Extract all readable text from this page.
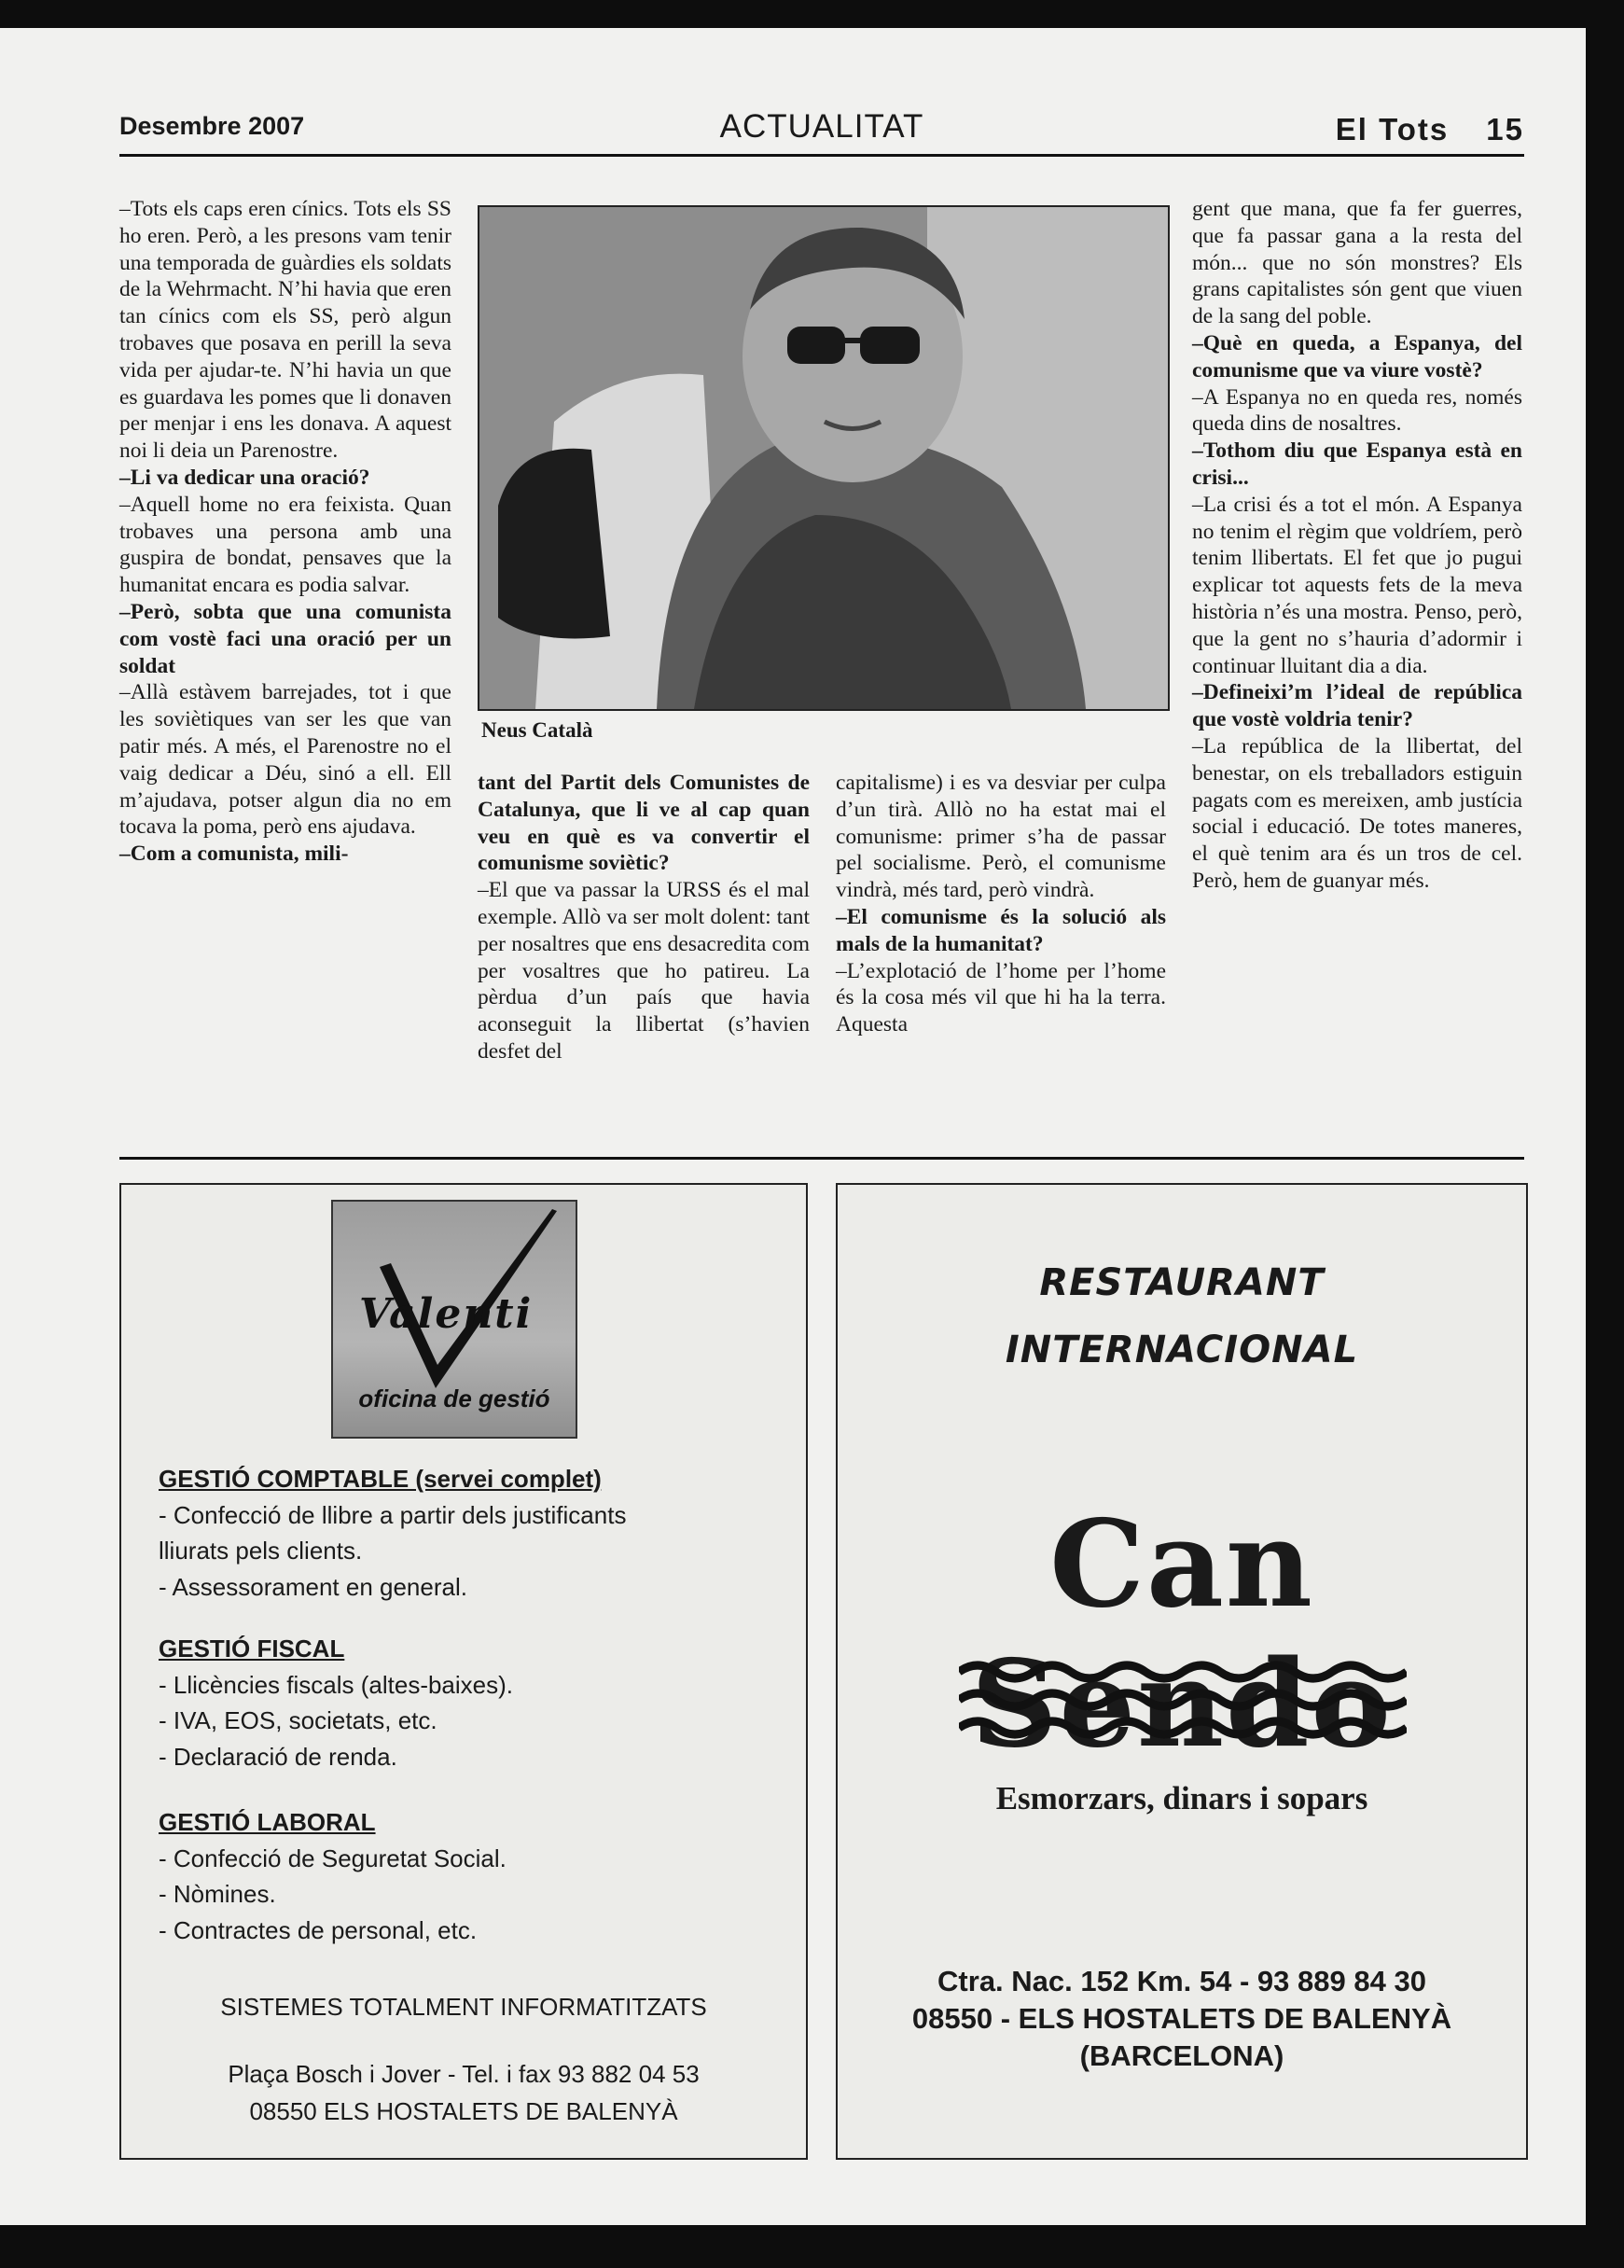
Desembre 2007	ACTUALITAT	El Tots 15

–Tots els caps eren cínics. Tots els SS ho eren. Però, a les presons vam tenir una temporada de guàrdies els soldats de la Wehrmacht. N’hi havia que eren tan cínics com els SS, però algun trobaves que posava en perill la seva vida per ajudar-te. N’hi havia un que es guardava les pomes que li donaven per menjar i ens les donava. A aquest noi li deia un Parenostre.

–Li va dedicar una oració?

–Aquell home no era feixista. Quan trobaves una persona amb una guspira de bondat, pensaves que la humanitat encara es podia salvar.

–Però, sobta que una comunista com vostè faci una oració per un soldat

–Allà estàvem barrejades, tot i que les soviètiques van ser les que van patir més. A més, el Parenostre no el vaig dedicar a Déu, sinó a ell. Ell m’ajudava, potser algun dia no em tocava la poma, però ens ajudava.

–Com a comunista, mili-

Neus Català

tant del Partit dels Comunistes de Catalunya, que li ve al cap quan veu en què es va convertir el comunisme soviètic?

–El que va passar la URSS és el mal exemple. Allò va ser molt dolent: tant per nosaltres que ens desacredita com per vosaltres que ho patireu. La pèrdua d’un país que havia aconseguit la llibertat (s’havien desfet del

capitalisme) i es va desviar per culpa d’un tirà. Allò no ha estat mai el comunisme: primer s’ha de passar pel socialisme. Però, el comunisme vindrà, més tard, però vindrà.

–El comunisme és la solució als mals de la humanitat?

–L’explotació de l’home per l’home és la cosa més vil que hi ha la terra. Aquesta

gent que mana, que fa fer guerres, que fa passar gana a la resta del món... que no són monstres? Els grans capitalistes són gent que viuen de la sang del poble.

–Què en queda, a Espanya, del comunisme que va viure vostè?

–A Espanya no en queda res, només queda dins de nosaltres.

–Tothom diu que Espanya està en crisi...

–La crisi és a tot el món. A Espanya no tenim el règim que voldríem, però tenim llibertats. El fet que jo pugui explicar tot aquests fets de la meva història n’és una mostra. Penso, però, que la gent no s’hauria d’adormir i continuar lluitant dia a dia.

–Defineixi’m l’ideal de república que vostè voldria tenir?

–La república de la llibertat, del benestar, on els treballadors estiguin pagats com es mereixen, amb justícia social i educació. De totes maneres, el què tenim ara és un tros de cel. Però, hem de guanyar més.

Valenti
oficina de gestió
GESTIÓ COMPTABLE (servei complet)
- Confecció de llibre a partir dels justificants
lliurats pels clients.
- Assessorament en general.
GESTIÓ FISCAL
- Llicències fiscals (altes-baixes).
- IVA, EOS, societats, etc.
- Declaració de renda.
GESTIÓ LABORAL
- Confecció de Seguretat Social.
- Nòmines.
- Contractes de personal, etc.
SISTEMES TOTALMENT INFORMATITZATS
Plaça Bosch i Jover - Tel. i fax 93 882 04 53
08550 ELS HOSTALETS DE BALENYÀ
RESTAURANT
INTERNACIONAL
Can Sendo
Esmorzars, dinars i sopars
Ctra. Nac. 152 Km. 54 - 93 889 84 30
08550 - ELS HOSTALETS DE BALENYÀ
(BARCELONA)
